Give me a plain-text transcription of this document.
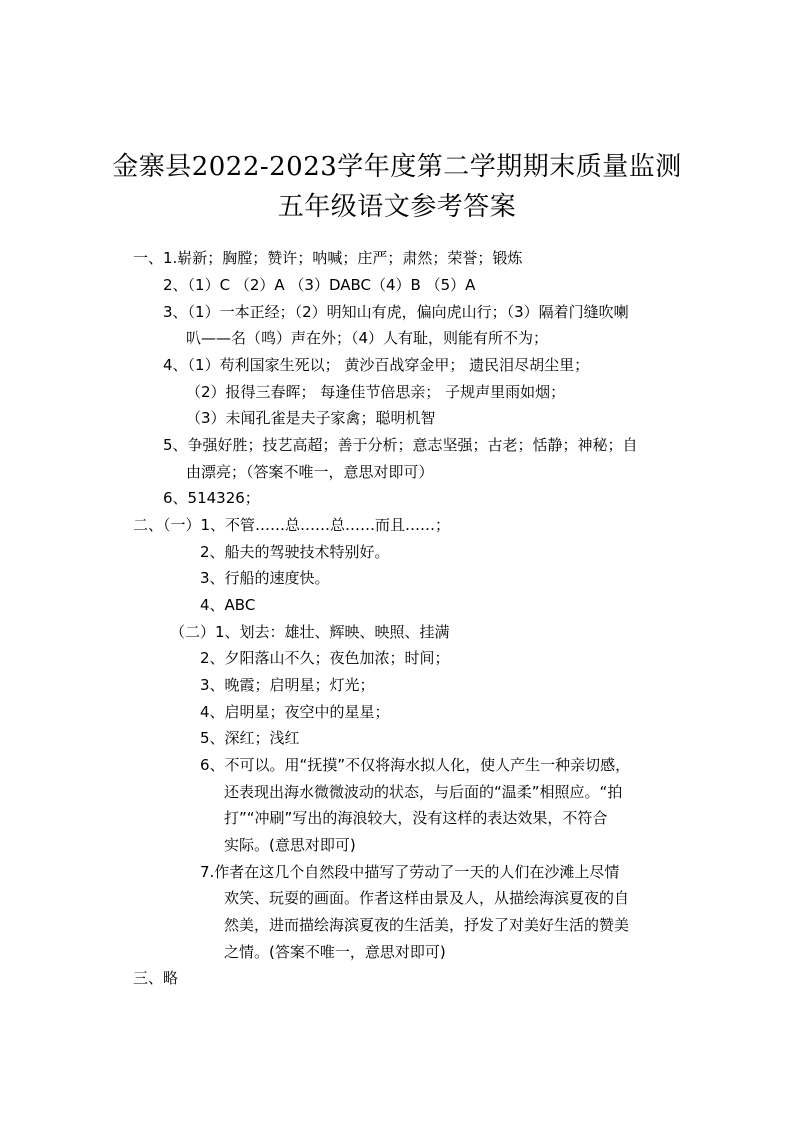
金寨县2022-2023学年度第二学期期末质量监测
五年级语文参考答案
一、1.崭新；胸膛；赞许；呐喊；庄严；肃然；荣誉；锻炼
2、（1）C （2）A （3）DABC（4）B （5）A
3、（1）一本正经；（2）明知山有虎，偏向虎山行；（3）隔着门缝吹喇
叭——名（鸣）声在外；（4）人有耻，则能有所不为；
4、（1）苟利国家生死以； 黄沙百战穿金甲； 遗民泪尽胡尘里；
（2）报得三春晖； 每逢佳节倍思亲； 子规声里雨如烟；
（3）未闻孔雀是夫子家禽；聪明机智
5、争强好胜；技艺高超；善于分析；意志坚强；古老；恬静；神秘；自
由漂亮；（答案不唯一，意思对即可）
6、514326；
二、（一）1、不管……总……总……而且……；
2、船夫的驾驶技术特别好。
3、行船的速度快。
4、ABC
（二）1、划去：雄壮、辉映、映照、挂满
2、夕阳落山不久；夜色加浓；时间；
3、晚霞；启明星；灯光；
4、启明星；夜空中的星星；
5、深红；浅红
6、不可以。用“抚摸”不仅将海水拟人化，使人产生一种亲切感，
还表现出海水微微波动的状态，与后面的“温柔”相照应。“拍
打”“冲刷”写出的海浪较大，没有这样的表达效果，不符合
实际。(意思对即可)
7.作者在这几个自然段中描写了劳动了一天的人们在沙滩上尽情
欢笑、玩耍的画面。作者这样由景及人，从描绘海滨夏夜的自
然美，进而描绘海滨夏夜的生活美，抒发了对美好生活的赞美
之情。(答案不唯一，意思对即可)
三、略
